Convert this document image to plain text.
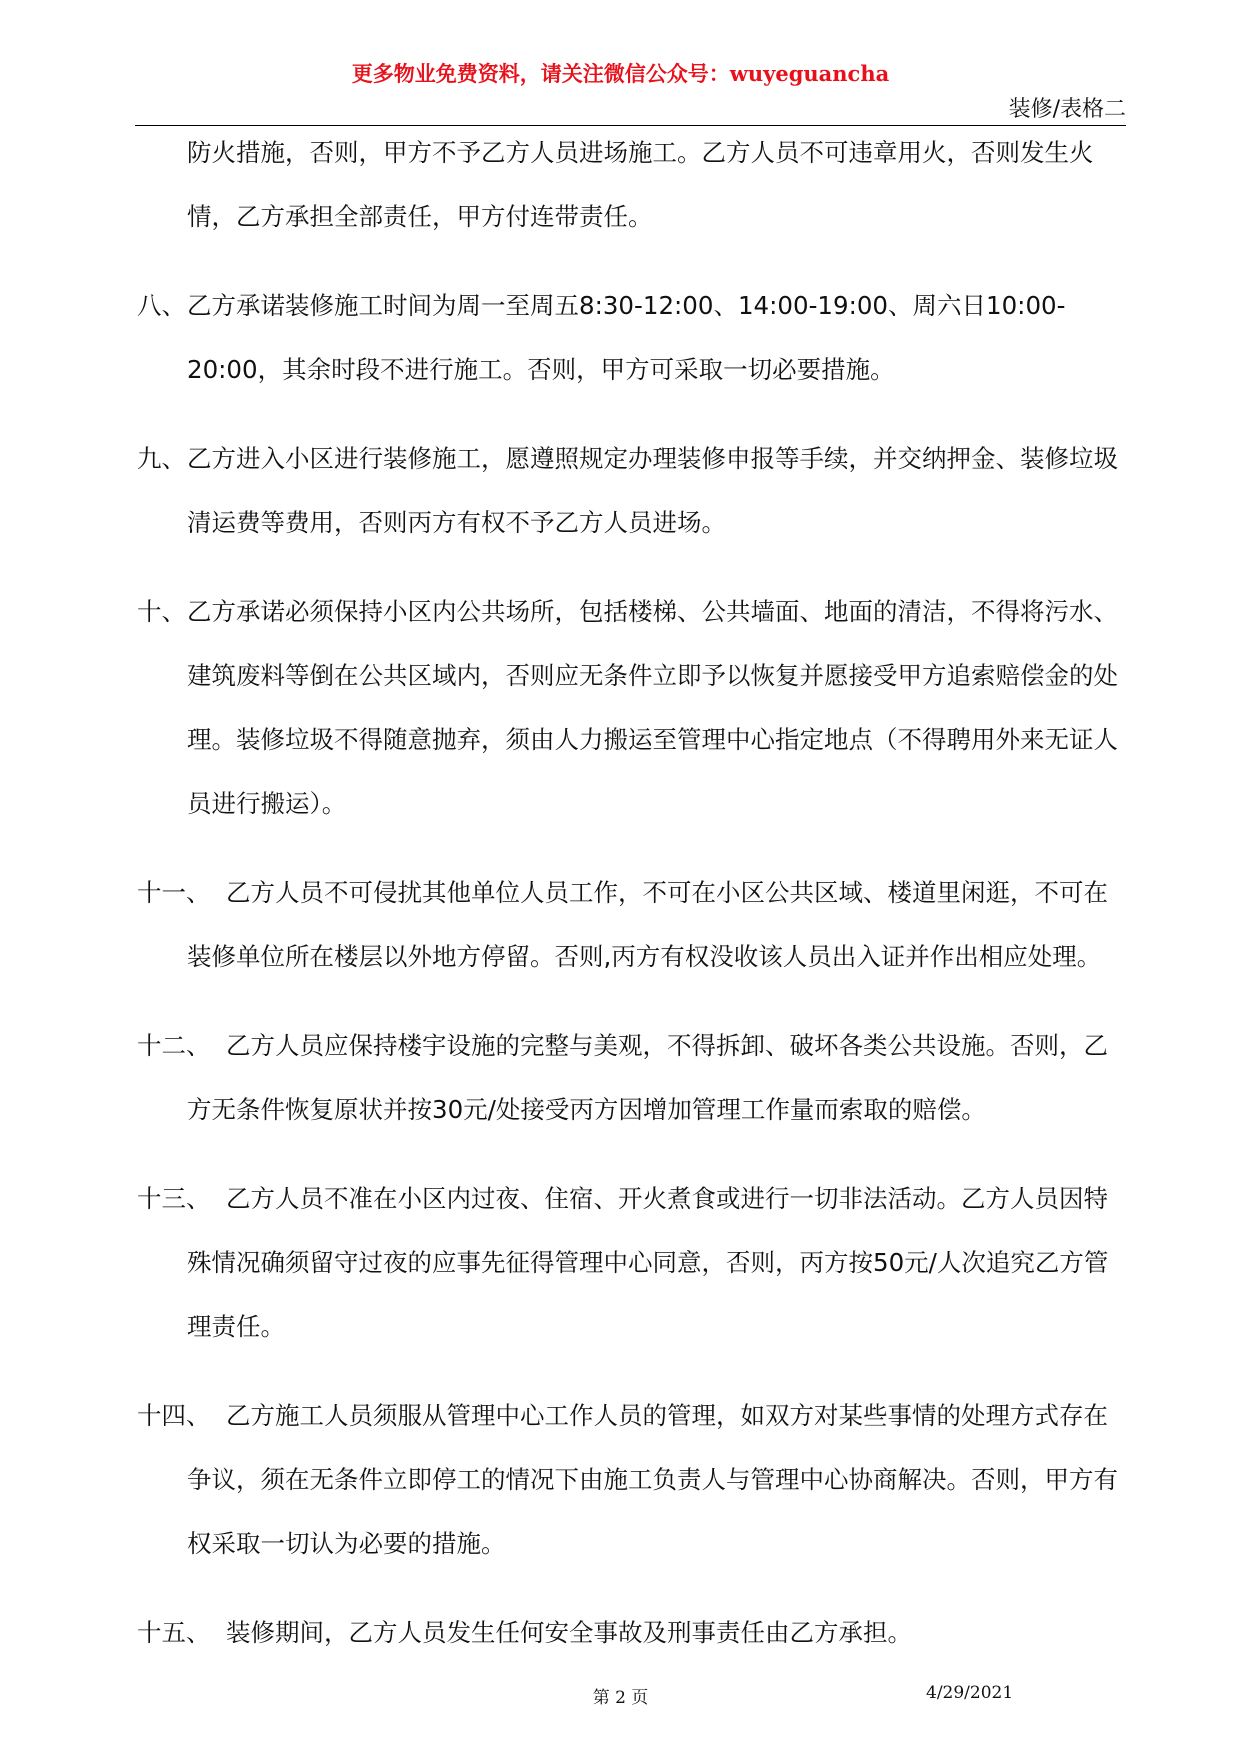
更多物业免费资料，请关注微信公众号：wuyeguancha
装修/表格二

防火措施，否则，甲方不予乙方人员进场施工。乙方人员不可违章用火，否则发生火情，乙方承担全部责任，甲方付连带责任。

八、 乙方承诺装修施工时间为周一至周五8:30-12:00、14:00-19:00、周六日10:00-20:00，其余时段不进行施工。否则，甲方可采取一切必要措施。
九、 乙方进入小区进行装修施工，愿遵照规定办理装修申报等手续，并交纳押金、装修垃圾清运费等费用，否则丙方有权不予乙方人员进场。
十、 乙方承诺必须保持小区内公共场所，包括楼梯、公共墙面、地面的清洁，不得将污水、建筑废料等倒在公共区域内，否则应无条件立即予以恢复并愿接受甲方追索赔偿金的处理。装修垃圾不得随意抛弃，须由人力搬运至管理中心指定地点（不得聘用外来无证人员进行搬运）。

十一、 乙方人员不可侵扰其他单位人员工作，不可在小区公共区域、楼道里闲逛，不可在装修单位所在楼层以外地方停留。否则,丙方有权没收该人员出入证并作出相应处理。

十二、 乙方人员应保持楼宇设施的完整与美观，不得拆卸、破坏各类公共设施。否则，乙方无条件恢复原状并按30元/处接受丙方因增加管理工作量而索取的赔偿。

十三、 乙方人员不准在小区内过夜、住宿、开火煮食或进行一切非法活动。乙方人员因特殊情况确须留守过夜的应事先征得管理中心同意，否则，丙方按50元/人次追究乙方管理责任。

十四、 乙方施工人员须服从管理中心工作人员的管理，如双方对某些事情的处理方式存在争议，须在无条件立即停工的情况下由施工负责人与管理中心协商解决。否则，甲方有权采取一切认为必要的措施。

十五、 装修期间，乙方人员发生任何安全事故及刑事责任由乙方承担。

第 2 页	4/29/2021
